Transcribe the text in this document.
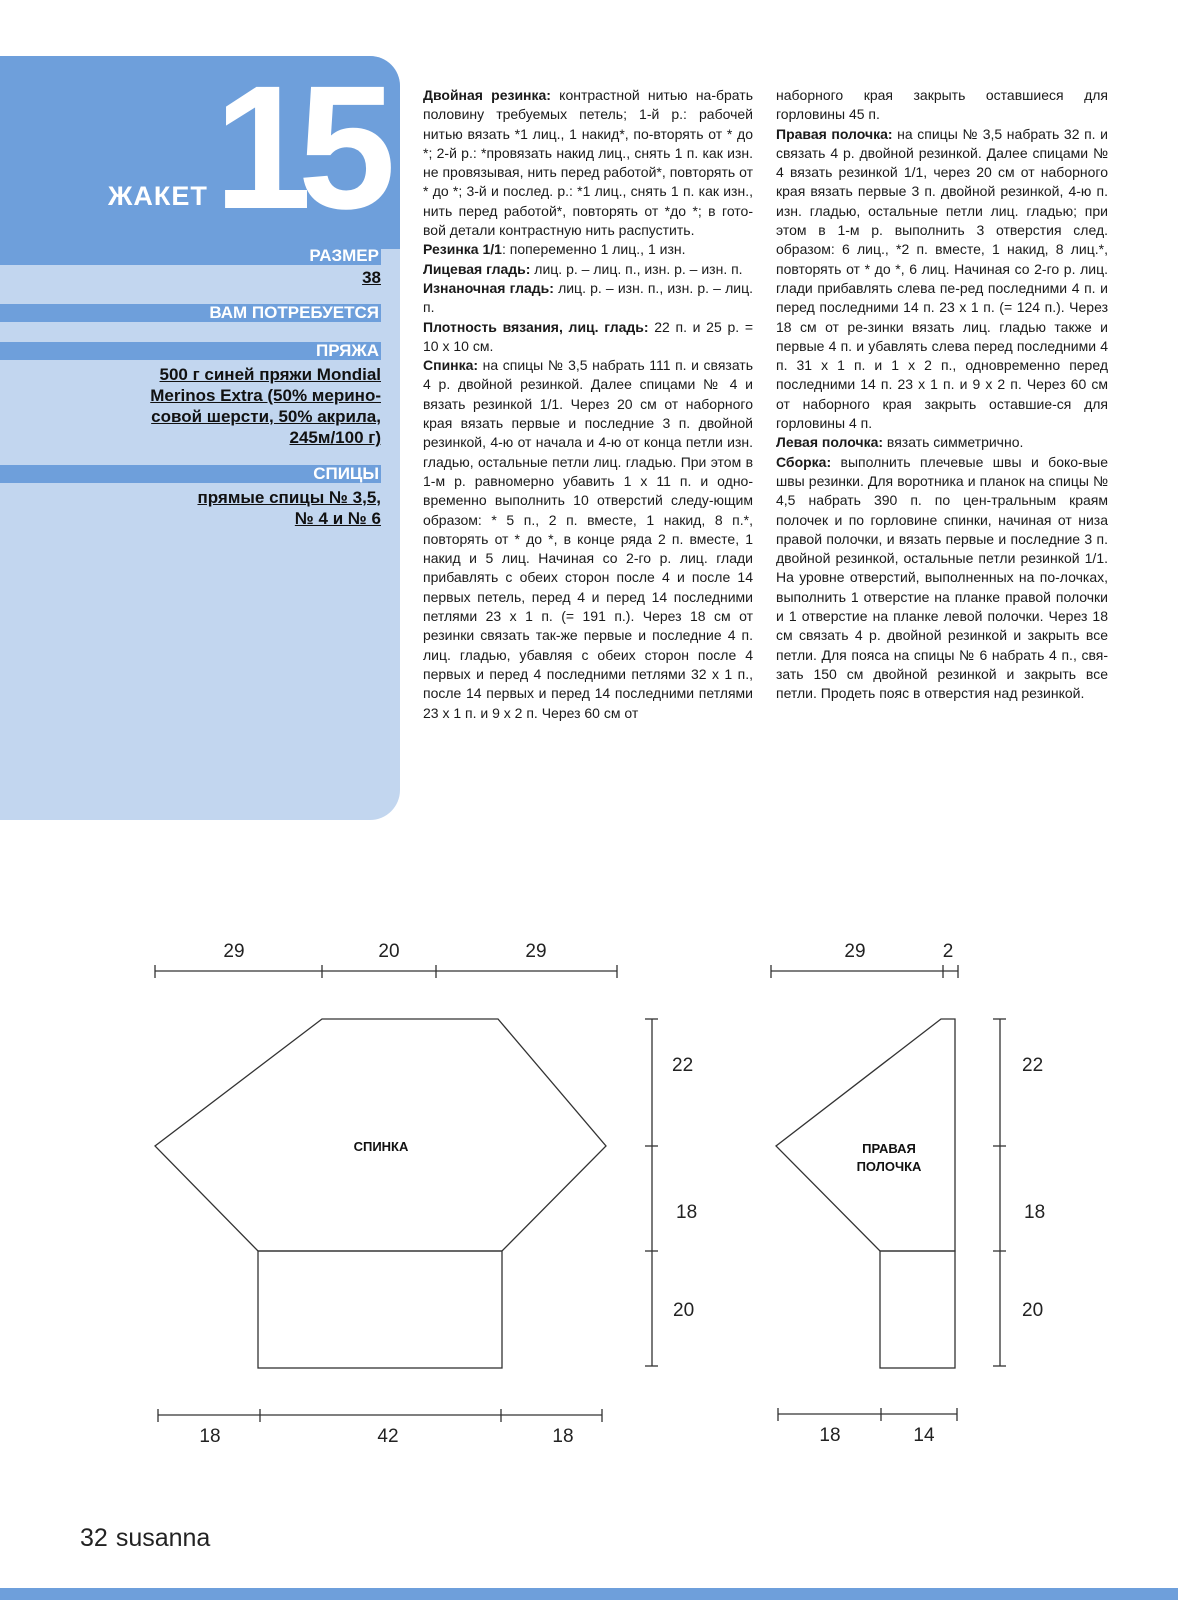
ЖАКЕТ 15
РАЗМЕР
38
ВАМ ПОТРЕБУЕТСЯ
ПРЯЖА
500 г синей пряжи Mondial
Merinos Extra (50% мерино-
совой шерсти, 50% акрила,
245м/100 г)
СПИЦЫ
прямые спицы № 3,5,
№ 4 и № 6

Двойная резинка: контрастной нитью на-брать половину требуемых петель; 1-й р.: рабочей нитью вязать *1 лиц., 1 накид*, по-вторять от * до *; 2-й р.: *провязать накид лиц., снять 1 п. как изн. не провязывая, нить перед работой*, повторять от * до *; 3-й и послед. р.: *1 лиц., снять 1 п. как изн., нить перед работой*, повторять от *до *; в гото-вой детали контрастную нить распустить.

Резинка 1/1: попеременно 1 лиц., 1 изн.

Лицевая гладь: лиц. р. – лиц. п., изн. р. – изн. п.

Изнаночная гладь: лиц. р. – изн. п., изн. р. – лиц. п.

Плотность вязания, лиц. гладь: 22 п. и 25 р. = 10 х 10 см.

Спинка: на спицы № 3,5 набрать 111 п. и связать 4 р. двойной резинкой. Далее спицами № 4 и вязать резинкой 1/1. Через 20 см от наборного края вязать первые и последние 3 п. двойной резинкой, 4-ю от начала и 4-ю от конца петли изн. гладью, остальные петли лиц. гладью. При этом в 1-м р. равномерно убавить 1 х 11 п. и одно-временно выполнить 10 отверстий следу-ющим образом: * 5 п., 2 п. вместе, 1 накид, 8 п.*, повторять от * до *, в конце ряда 2 п. вместе, 1 накид и 5 лиц. Начиная со 2-го р. лиц. глади прибавлять с обеих сторон после 4 и после 14 первых петель, перед 4 и перед 14 последними петлями 23 х 1 п. (= 191 п.). Через 18 см от резинки связать так-же первые и последние 4 п. лиц. гладью, убавляя с обеих сторон после 4 первых и перед 4 последними петлями 32 х 1 п., после 14 первых и перед 14 последними петлями 23 х 1 п. и 9 х 2 п. Через 60 см от

наборного края закрыть оставшиеся для горловины 45 п.

Правая полочка: на спицы № 3,5 набрать 32 п. и связать 4 р. двойной резинкой. Далее спицами № 4 вязать резинкой 1/1, через 20 см от наборного края вязать первые 3 п. двойной резинкой, 4-ю п. изн. гладью, остальные петли лиц. гладью; при этом в 1-м р. выполнить 3 отверстия след. образом: 6 лиц., *2 п. вместе, 1 накид, 8 лиц.*, повторять от * до *, 6 лиц. Начиная со 2-го р. лиц. глади прибавлять слева пе-ред последними 4 п. и перед последними 14 п. 23 х 1 п. (= 124 п.). Через 18 см от ре-зинки вязать лиц. гладью также и первые 4 п. и убавлять слева перед последними 4 п. 31 х 1 п. и 1 х 2 п., одновременно перед последними 14 п. 23 х 1 п. и 9 х 2 п. Через 60 см от наборного края закрыть оставшие-ся для горловины 4 п.

Левая полочка: вязать симметрично.

Сборка: выполнить плечевые швы и боко-вые швы резинки. Для воротника и планок на спицы № 4,5 набрать 390 п. по цен-тральным краям полочек и по горловине спинки, начиная от низа правой полочки, и вязать первые и последние 3 п. двойной резинкой, остальные петли резинкой 1/1. На уровне отверстий, выполненных на по-лочках, выполнить 1 отверстие на планке правой полочки и 1 отверстие на планке левой полочки. Через 18 см связать 4 р. двойной резинкой и закрыть все петли. Для пояса на спицы № 6 набрать 4 п., свя-зать 150 см двойной резинкой и закрыть все петли. Продеть пояс в отверстия над резинкой.

29	20	29
22
18
20
18	42	18
СПИНКА
29	2
22
18
20
18	14
ПРАВАЯ
ПОЛОЧКА
32 susanna
